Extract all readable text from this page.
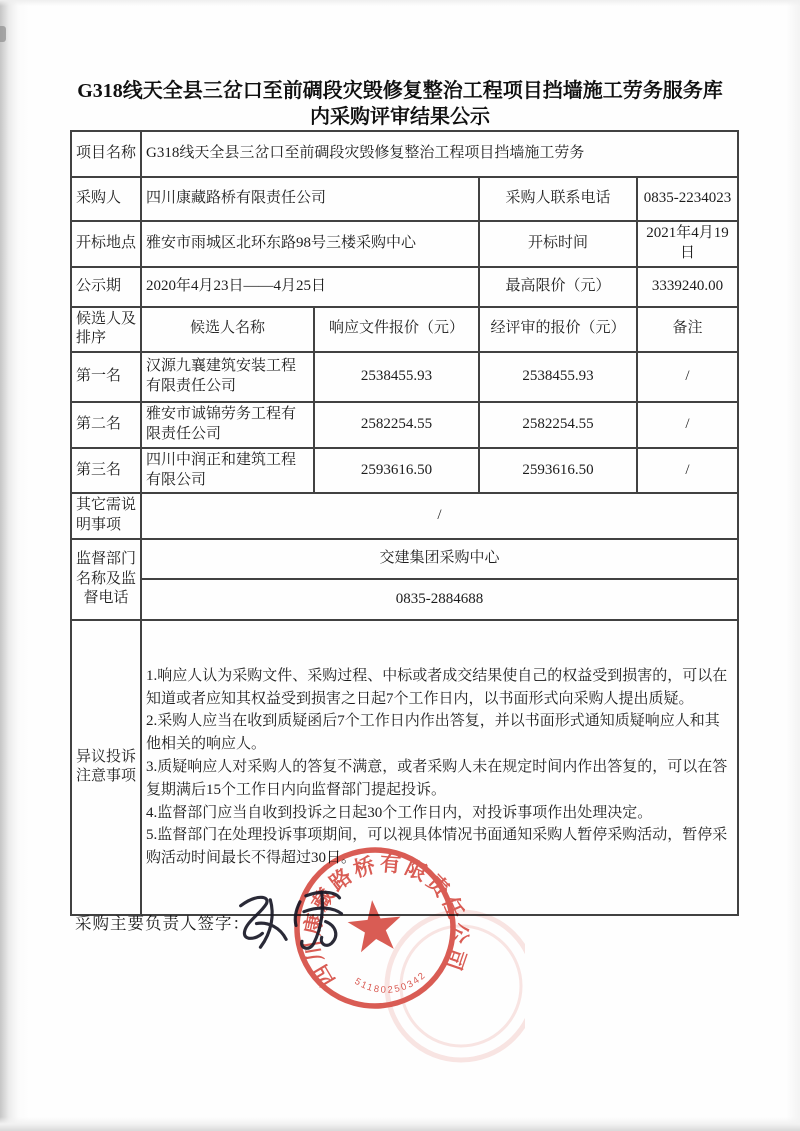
G318线天全县三岔口至前碉段灾毁修复整治工程项目挡墙施工劳务服务库
内采购评审结果公示
项目名称	G318线天全县三岔口至前碉段灾毁修复整治工程项目挡墙施工劳务			
采购人	四川康藏路桥有限责任公司		采购人联系电话	0835-2234023
开标地点	雅安市雨城区北环东路98号三楼采购中心		开标时间	2021年4月19日
公示期	2020年4月23日——4月25日		最高限价（元）	3339240.00
候选人及排序	候选人名称	响应文件报价（元）	经评审的报价（元）	备注
第一名	汉源九襄建筑安装工程有限责任公司	2538455.93	2538455.93	/
第二名	雅安市诚锦劳务工程有限责任公司	2582254.55	2582254.55	/
第三名	四川中润正和建筑工程有限公司	2593616.50	2593616.50	/
其它需说明事项	/			
监督部门名称及监督电话	交建集团采购中心			
	0835-2884688			
异议投诉注意事项	1.响应人认为采购文件、采购过程、中标或者成交结果使自己的权益受到损害的，可以在知道或者应知其权益受到损害之日起7个工作日内，以书面形式向采购人提出质疑。
2.采购人应当在收到质疑函后7个工作日内作出答复，并以书面形式通知质疑响应人和其他相关的响应人。
3.质疑响应人对采购人的答复不满意，或者采购人未在规定时间内作出答复的，可以在答复期满后15个工作日内向监督部门提起投诉。
4.监督部门应当自收到投诉之日起30个工作日内，对投诉事项作出处理决定。
5.监督部门在处理投诉事项期间，可以视具体情况书面通知采购人暂停采购活动，暂停采购活动时间最长不得超过30日。			
采购主要负责人签字：
四川康藏路桥有限责任公司
51180250342
